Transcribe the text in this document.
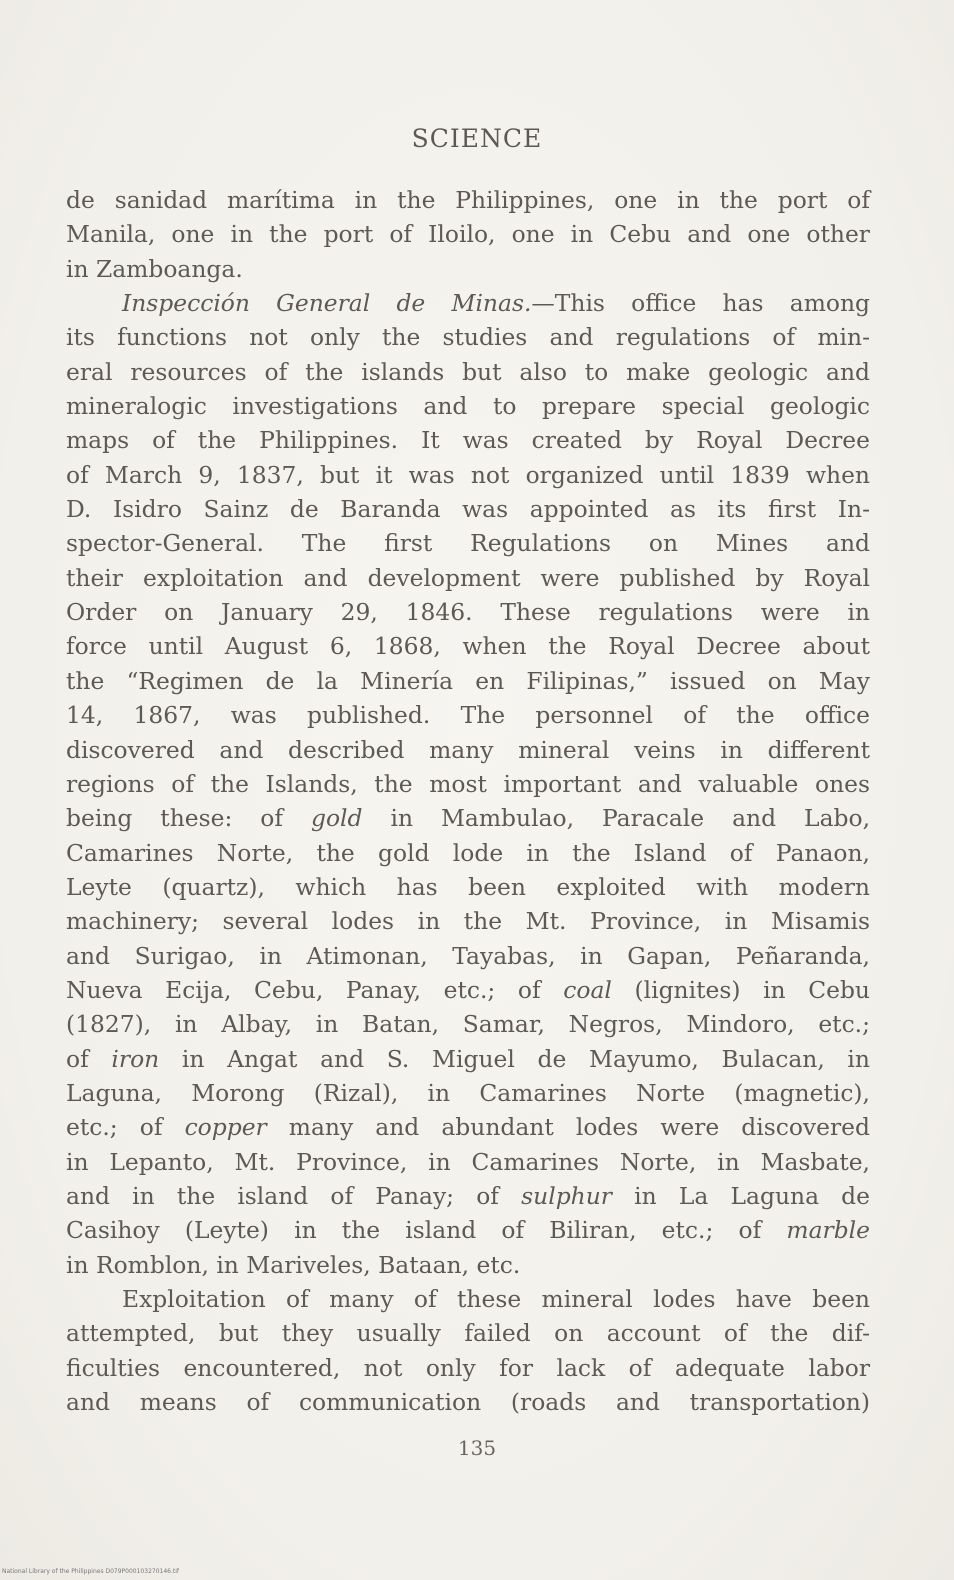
SCIENCE
de sanidad marítima in the Philippines, one in the port of
Manila, one in the port of Iloilo, one in Cebu and one other
in Zamboanga.
Inspección General de Minas.—This office has among
its functions not only the studies and regulations of min-
eral resources of the islands but also to make geologic and
mineralogic investigations and to prepare special geologic
maps of the Philippines. It was created by Royal Decree
of March 9, 1837, but it was not organized until 1839 when
D. Isidro Sainz de Baranda was appointed as its first In-
spector-General. The first Regulations on Mines and
their exploitation and development were published by Royal
Order on January 29, 1846. These regulations were in
force until August 6, 1868, when the Royal Decree about
the “Regimen de la Minería en Filipinas,” issued on May
14, 1867, was published. The personnel of the office
discovered and described many mineral veins in different
regions of the Islands, the most important and valuable ones
being these: of gold in Mambulao, Paracale and Labo,
Camarines Norte, the gold lode in the Island of Panaon,
Leyte (quartz), which has been exploited with modern
machinery; several lodes in the Mt. Province, in Misamis
and Surigao, in Atimonan, Tayabas, in Gapan, Peñaranda,
Nueva Ecija, Cebu, Panay, etc.; of coal (lignites) in Cebu
(1827), in Albay, in Batan, Samar, Negros, Mindoro, etc.;
of iron in Angat and S. Miguel de Mayumo, Bulacan, in
Laguna, Morong (Rizal), in Camarines Norte (magnetic),
etc.; of copper many and abundant lodes were discovered
in Lepanto, Mt. Province, in Camarines Norte, in Masbate,
and in the island of Panay; of sulphur in La Laguna de
Casihoy (Leyte) in the island of Biliran, etc.; of marble
in Romblon, in Mariveles, Bataan, etc.
Exploitation of many of these mineral lodes have been
attempted, but they usually failed on account of the dif-
ficulties encountered, not only for lack of adequate labor
and means of communication (roads and transportation)
135
National Library of the Philippines D079P000103270146.tif
